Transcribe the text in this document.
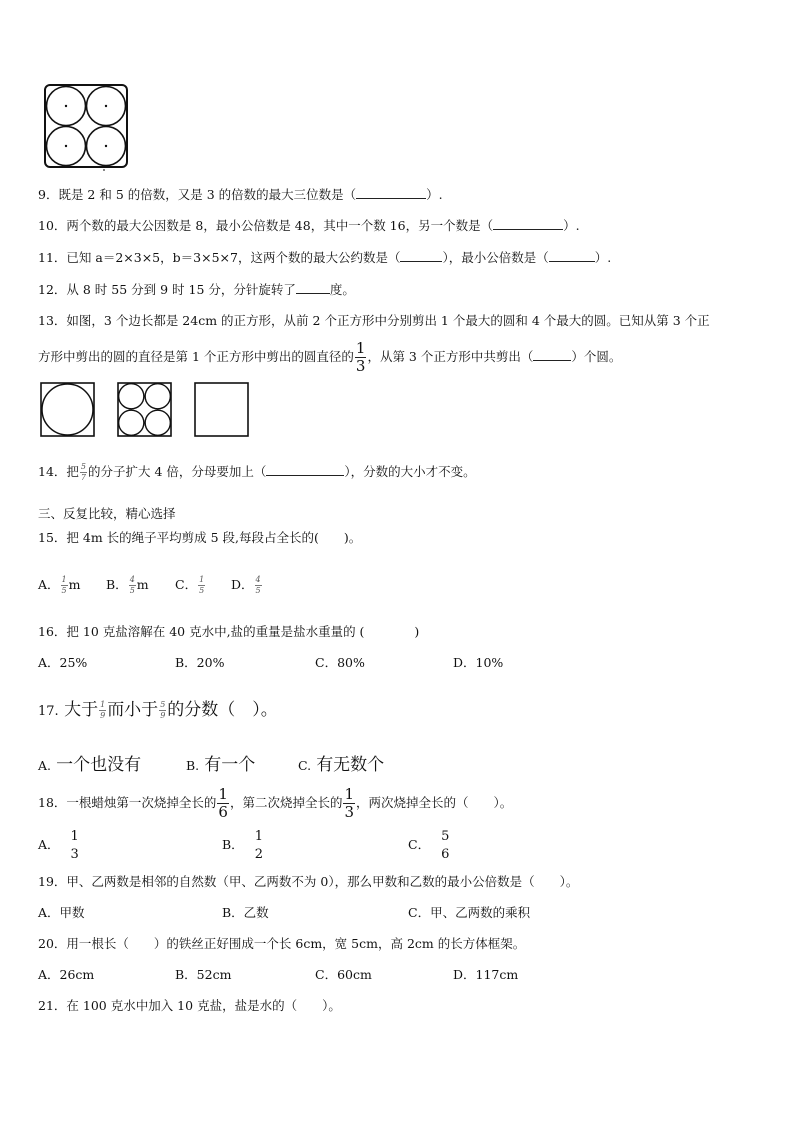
9．既是 2 和 5 的倍数，又是 3 的倍数的最大三位数是（	）.
10．两个数的最大公因数是 8，最小公倍数是 48，其中一个数 16，另一个数是（	）.
11．已知 a＝2×3×5，b＝3×5×7，这两个数的最大公约数是（	），最小公倍数是（	）.
12．从 8 时 55 分到 9 时 15 分，分针旋转了	度。
13．如图，3 个边长都是 24cm 的正方形，从前 2 个正方形中分别剪出 1 个最大的圆和 4 个最大的圆。已知从第 3 个正
方形中剪出的圆的直径是第 1 个正方形中剪出的圆直径的 $\frac{1}{3}$ ，从第 3 个正方形中共剪出（	）个圆。
14．把 $\frac{5}{7}$ 的分子扩大 4 倍，分母要加上（	），分数的大小才不变。
三、反复比较，精心选择
15．把 4m 长的绳子平均剪成 5 段,每段占全长的(　　)。
A． $\frac{1}{5}$ m B． $\frac{4}{5}$ m C． $\frac{1}{5}$ D． $\frac{4}{5}$
16．把 10 克盐溶解在 40 克水中,盐的重量是盐水重量的 (　　　　)
A．25%	B．20%	C．80%	D．10%
17. 大于 $\frac{1}{9}$ 而小于 $\frac{5}{9}$ 的分数（　）。
A. 一个也没有	B. 有一个	C. 有无数个
18．一根蜡烛第一次烧掉全长的 $\frac{1}{6}$ ，第二次烧掉全长的 $\frac{1}{3}$ ，两次烧掉全长的（　　）。
A．
1
3
B．
1
2
C．
5
6
19．甲、乙两数是相邻的自然数（甲、乙两数不为 0），那么甲数和乙数的最小公倍数是（　　）。
A．甲数	B．乙数	C．甲、乙两数的乘积
20．用一根长（　　）的铁丝正好围成一个长 6cm，宽 5cm，高 2cm 的长方体框架。
A．26cm	B．52cm	C．60cm	D．117cm
21．在 100 克水中加入 10 克盐，盐是水的（　　）。
